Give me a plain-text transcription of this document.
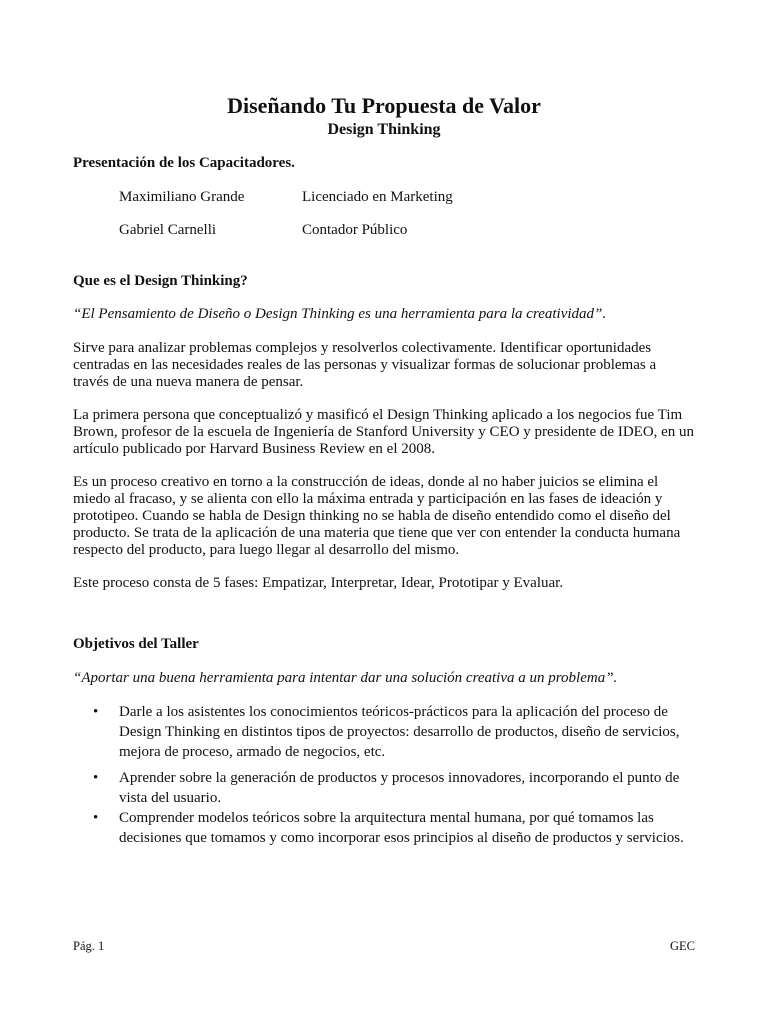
Diseñando Tu Propuesta de Valor
Design Thinking
Presentación de los Capacitadores.
Maximiliano Grande	Licenciado en Marketing
Gabriel Carnelli	Contador Público
Que es el Design Thinking?
“El Pensamiento de Diseño o Design Thinking es una herramienta para la creatividad”.
Sirve para analizar problemas complejos y resolverlos colectivamente. Identificar oportunidades centradas en las necesidades reales de las personas y visualizar formas de solucionar problemas a través de una nueva manera de pensar.
La primera persona que conceptualizó y masificó el Design Thinking aplicado a los negocios fue Tim Brown, profesor de la escuela de Ingeniería de Stanford University y CEO y presidente de IDEO, en un artículo publicado por Harvard Business Review en el 2008.
Es un proceso creativo en torno a la construcción de ideas, donde al no haber juicios se elimina el miedo al fracaso, y se alienta con ello la máxima entrada y participación en las fases de ideación y prototipeo. Cuando se habla de Design thinking no se habla de diseño entendido como el diseño del producto. Se trata de la aplicación de una materia que tiene que ver con entender la conducta humana respecto del producto, para luego llegar al desarrollo del mismo.
Este proceso consta de 5 fases: Empatizar, Interpretar, Idear, Prototipar y Evaluar.
Objetivos del Taller
“Aportar una buena herramienta para intentar dar una solución creativa a un problema”.
• Darle a los asistentes los conocimientos teóricos-prácticos para la aplicación del proceso de Design Thinking en distintos tipos de proyectos: desarrollo de productos, diseño de servicios, mejora de proceso, armado de negocios, etc.
• Aprender sobre la generación de productos y procesos innovadores, incorporando el punto de vista del usuario.
• Comprender modelos teóricos sobre la arquitectura mental humana, por qué tomamos las decisiones que tomamos y como incorporar esos principios al diseño de productos y servicios.
Pág. 1	GEC
